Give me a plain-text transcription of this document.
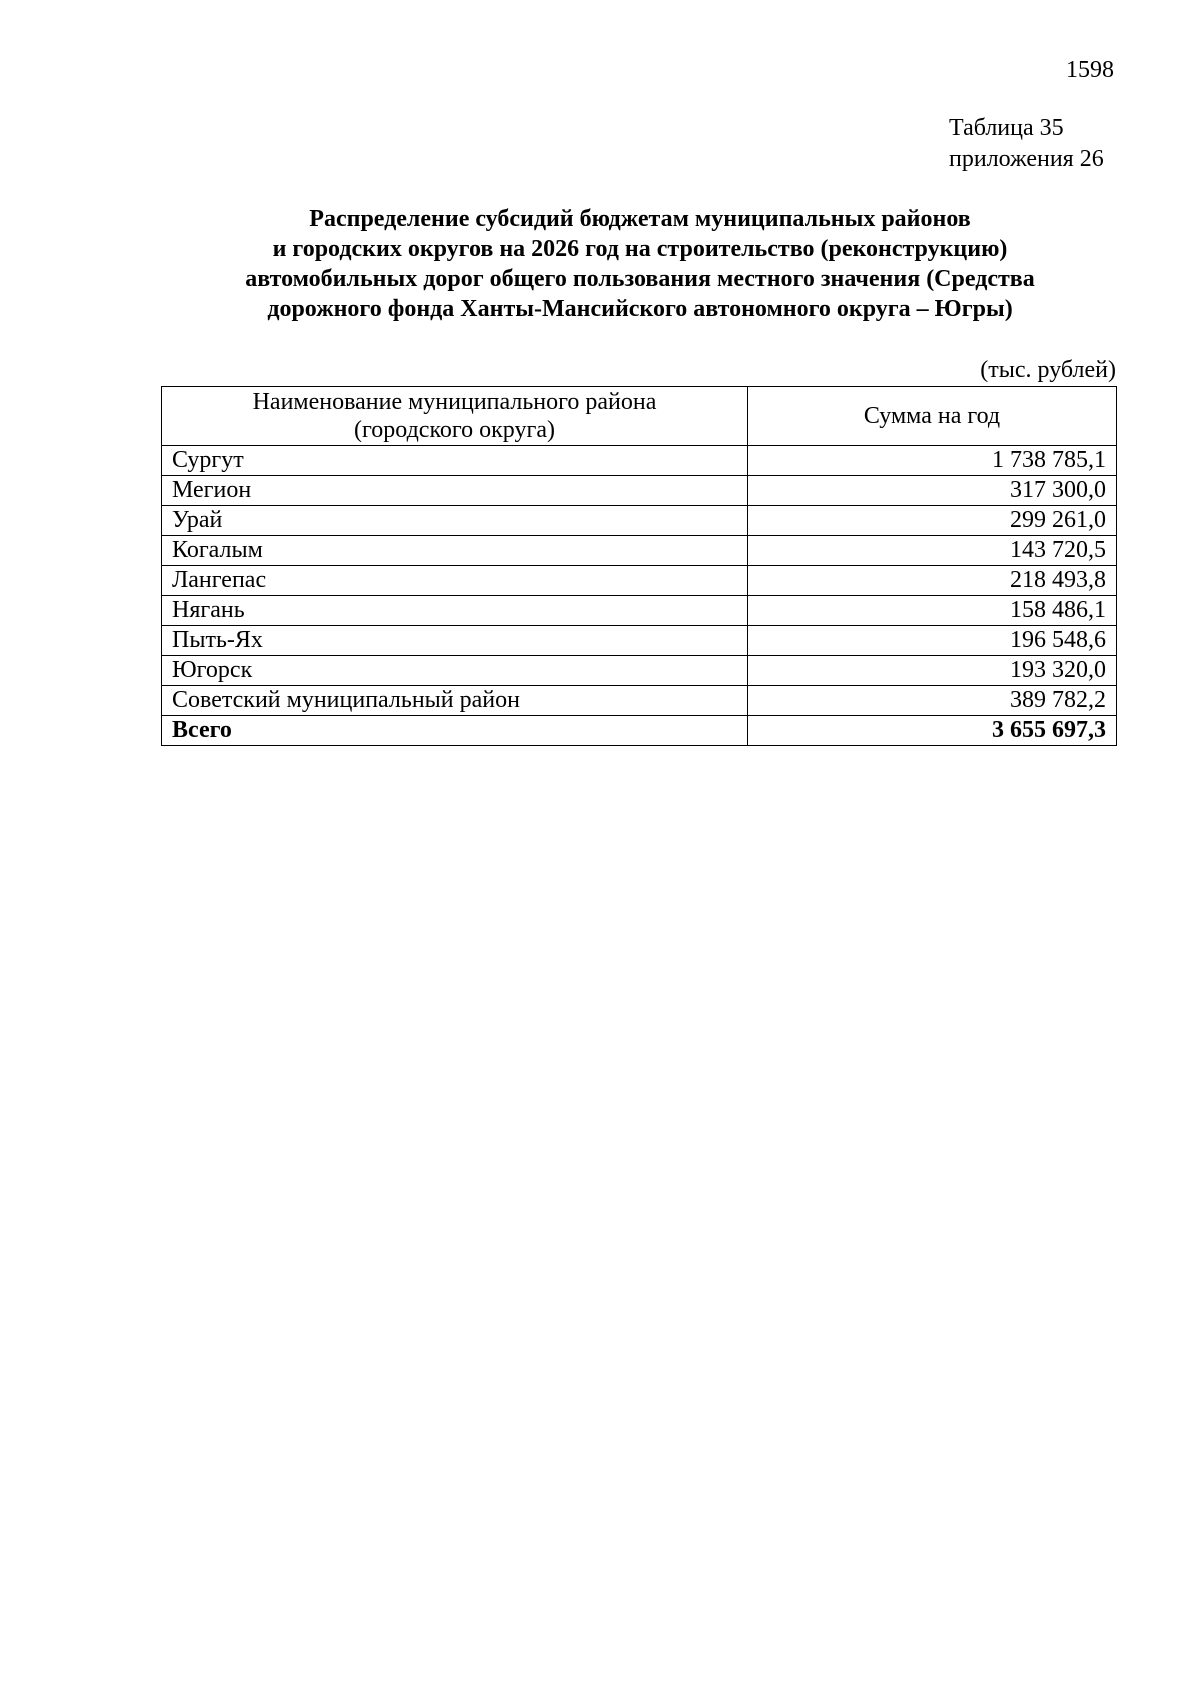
1598
Таблица 35
приложения 26
Распределение субсидий бюджетам муниципальных районов
и городских округов на 2026 год на строительство (реконструкцию)
автомобильных дорог общего пользования местного значения (Средства
дорожного фонда Ханты-Мансийского автономного округа – Югры)
(тыс. рублей)
Наименование муниципального района
(городского округа)	Сумма на год
Сургут	1 738 785,1
Мегион	317 300,0
Урай	299 261,0
Когалым	143 720,5
Лангепас	218 493,8
Нягань	158 486,1
Пыть-Ях	196 548,6
Югорск	193 320,0
Советский муниципальный район	389 782,2
Всего	3 655 697,3
